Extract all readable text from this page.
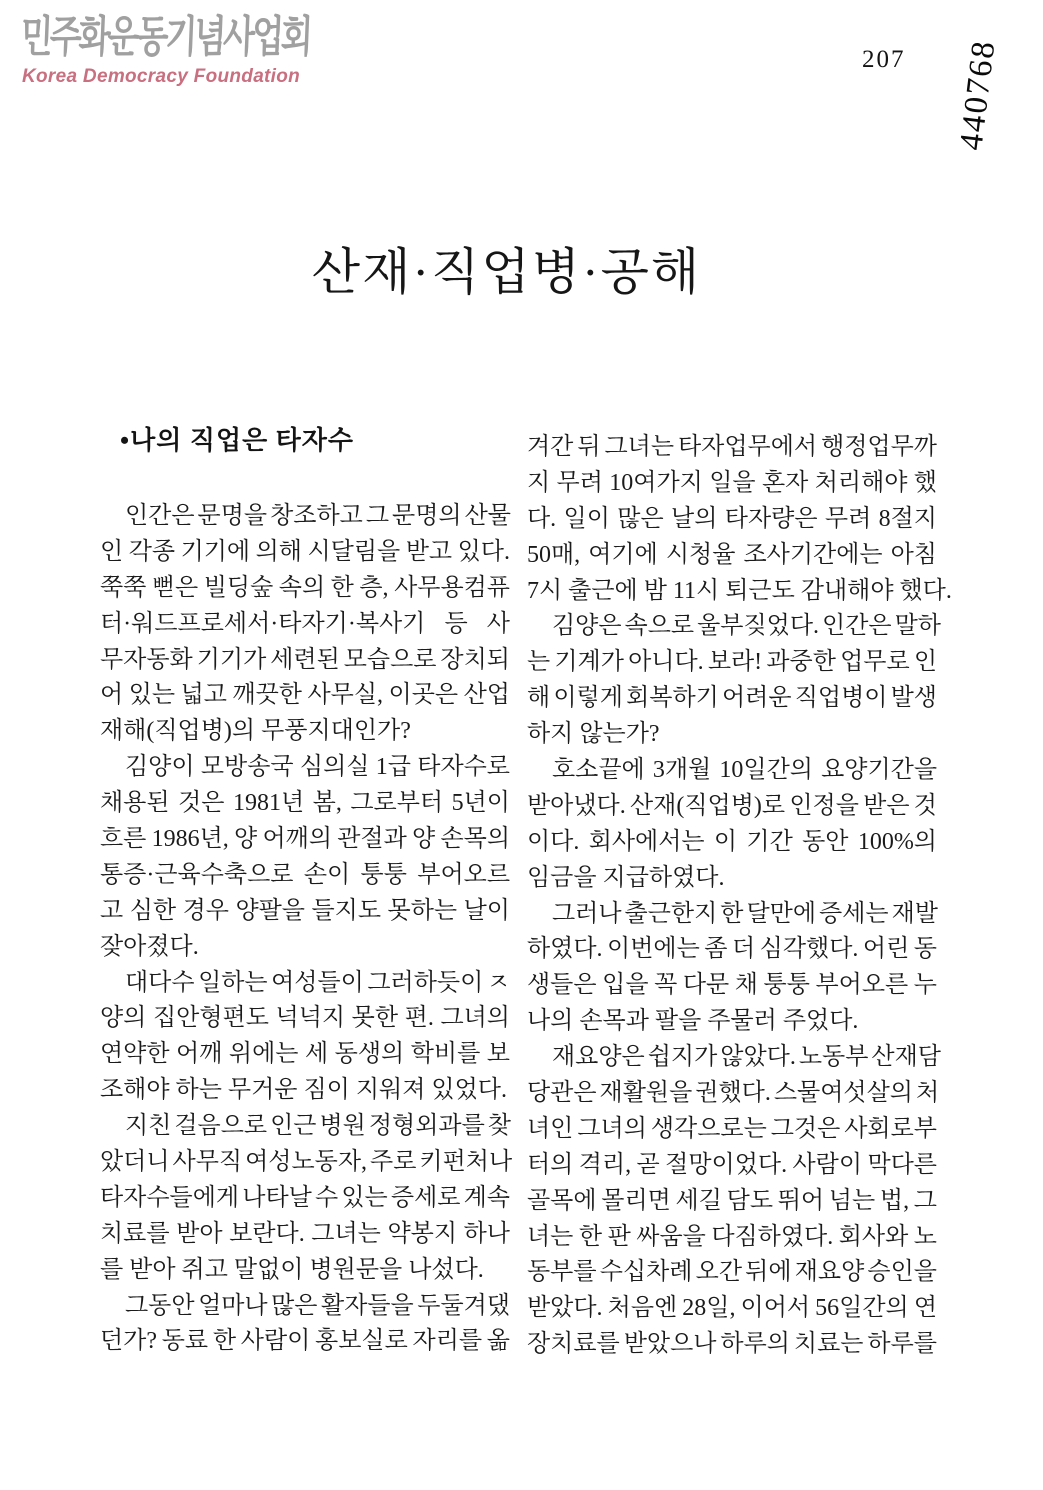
민주화운동기념사업회
Korea Democracy Foundation
207 440768
산재·직업병·공해
•나의 직업은 타자수
인간은 문명을 창조하고 그 문명의 산물
인 각종 기기에 의해 시달림을 받고 있다.
쭉쭉 뻗은 빌딩숲 속의 한 층, 사무용컴퓨
터·워드프로세서·타자기·복사기 등 사
무자동화 기기가 세련된 모습으로 장치되
어 있는 넓고 깨끗한 사무실, 이곳은 산업
재해(직업병)의 무풍지대인가?
김양이 모방송국 심의실 1급 타자수로
채용된 것은 1981년 봄, 그로부터 5년이
흐른 1986년, 양 어깨의 관절과 양 손목의
통증·근육수축으로 손이 퉁퉁 부어오르
고 심한 경우 양팔을 들지도 못하는 날이
잦아졌다.
대다수 일하는 여성들이 그러하듯이 ㅈ
양의 집안형편도 넉넉지 못한 편. 그녀의
연약한 어깨 위에는 세 동생의 학비를 보
조해야 하는 무거운 짐이 지워져 있었다.
지친 걸음으로 인근 병원 정형외과를 찾
았더니 사무직 여성노동자, 주로 키펀처나
타자수들에게 나타날 수 있는 증세로 계속
치료를 받아 보란다. 그녀는 약봉지 하나
를 받아 쥐고 말없이 병원문을 나섰다.
그동안 얼마나 많은 활자들을 두둘겨댔
던가? 동료 한 사람이 홍보실로 자리를 옮
겨간 뒤 그녀는 타자업무에서 행정업무까
지 무려 10여가지 일을 혼자 처리해야 했
다. 일이 많은 날의 타자량은 무려 8절지
50매, 여기에 시청율 조사기간에는 아침
7시 출근에 밤 11시 퇴근도 감내해야 했다.
김양은 속으로 울부짖었다. 인간은 말하
는 기계가 아니다. 보라! 과중한 업무로 인
해 이렇게 회복하기 어려운 직업병이 발생
하지 않는가?
호소끝에 3개월 10일간의 요양기간을
받아냈다. 산재(직업병)로 인정을 받은 것
이다. 회사에서는 이 기간 동안 100%의
임금을 지급하였다.
그러나 출근한지 한 달만에 증세는 재발
하였다. 이번에는 좀 더 심각했다. 어린 동
생들은 입을 꼭 다문 채 퉁퉁 부어오른 누
나의 손목과 팔을 주물러 주었다.
재요양은 쉽지가 않았다. 노동부 산재담
당관은 재활원을 권했다. 스물여섯살의 처
녀인 그녀의 생각으로는 그것은 사회로부
터의 격리, 곧 절망이었다. 사람이 막다른
골목에 몰리면 세길 담도 뛰어 넘는 법, 그
녀는 한 판 싸움을 다짐하였다. 회사와 노
동부를 수십차례 오간 뒤에 재요양 승인을
받았다. 처음엔 28일, 이어서 56일간의 연
장치료를 받았으나 하루의 치료는 하루를
